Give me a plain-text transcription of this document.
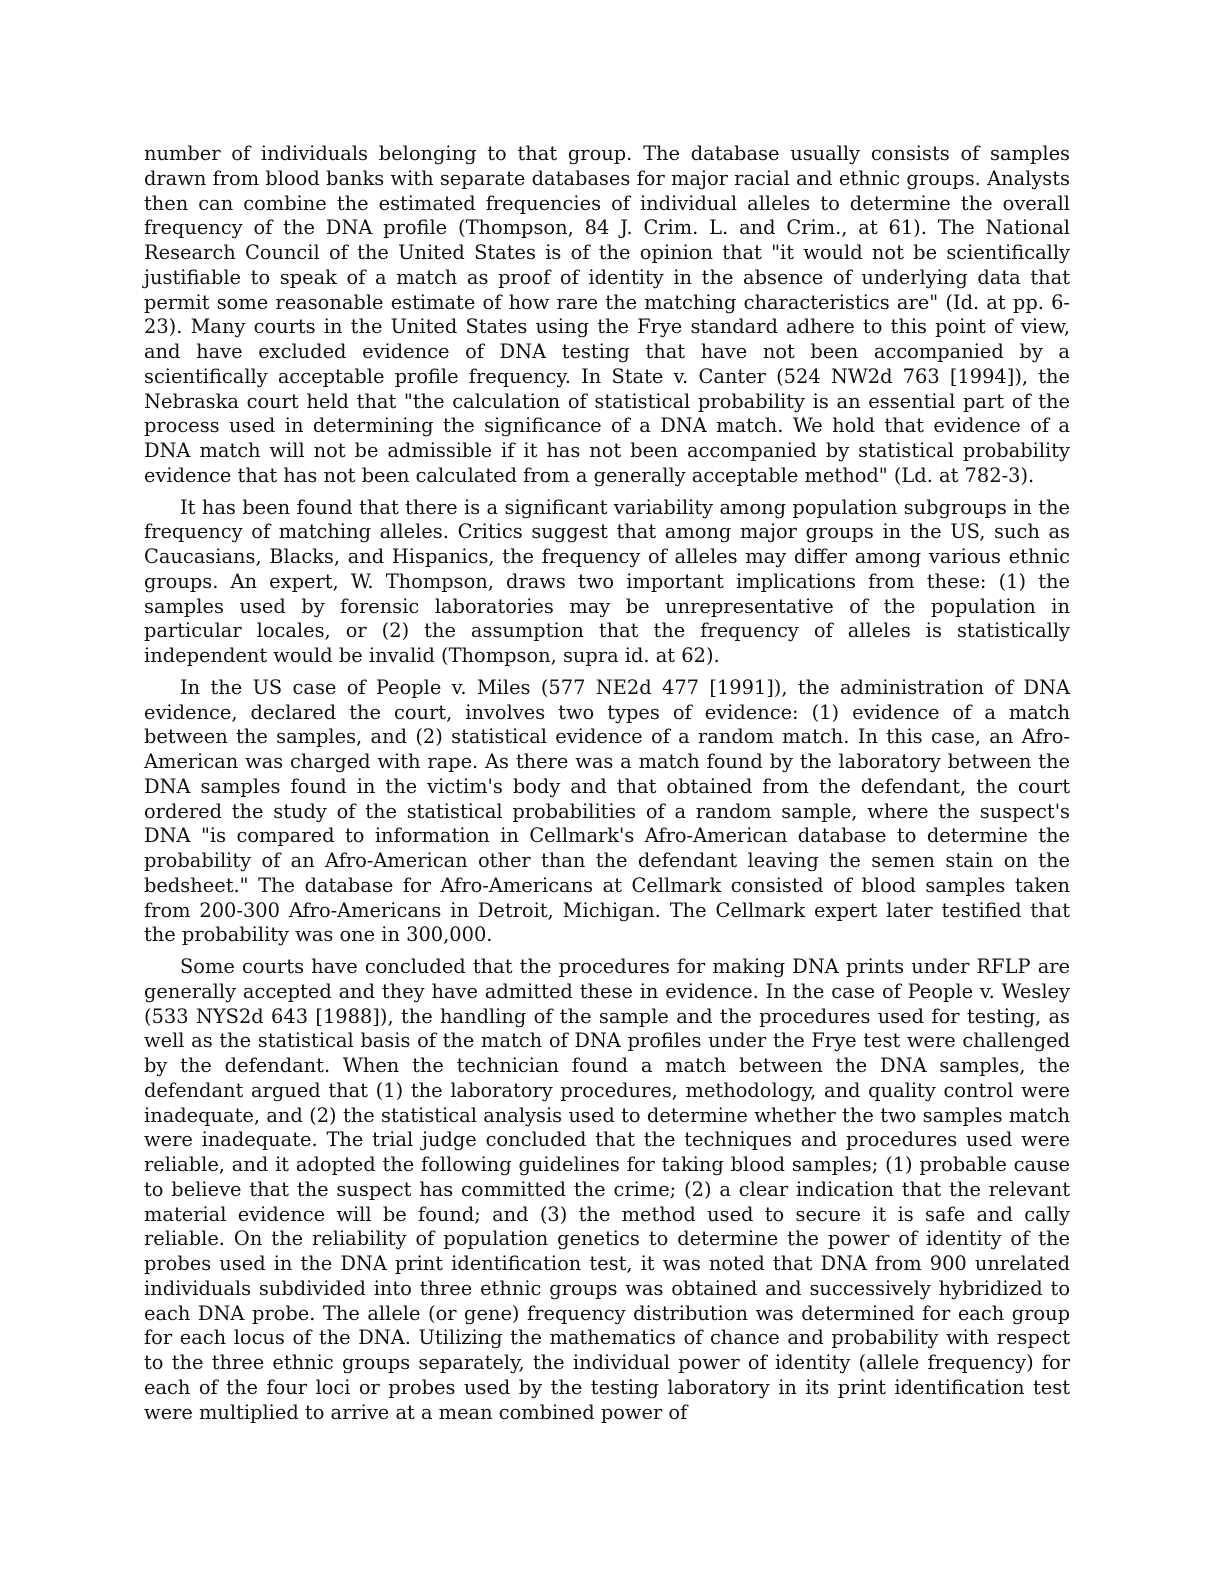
number of individuals belonging to that group. The database usually consists of samples drawn from blood banks with separate databases for major racial and ethnic groups. Analysts then can combine the estimated frequencies of individual alleles to determine the overall frequency of the DNA profile (Thompson, 84 J. Crim. L. and Crim., at 61). The National Research Council of the United States is of the opinion that "it would not be scientifically justifiable to speak of a match as proof of identity in the absence of underlying data that permit some reasonable estimate of how rare the matching characteristics are" (Id. at pp. 6-23). Many courts in the United States using the Frye standard adhere to this point of view, and have excluded evidence of DNA testing that have not been accompanied by a scientifically acceptable profile frequency. In State v. Canter (524 NW2d 763 [1994]), the Nebraska court held that "the calculation of statistical probability is an essential part of the process used in determining the significance of a DNA match. We hold that evidence of a DNA match will not be admissible if it has not been accompanied by statistical probability evidence that has not been calculated from a generally acceptable method" (Ld. at 782-3).

It has been found that there is a significant variability among population subgroups in the frequency of matching alleles. Critics suggest that among major groups in the US, such as Caucasians, Blacks, and Hispanics, the frequency of alleles may differ among various ethnic groups. An expert, W. Thompson, draws two important implications from these: (1) the samples used by forensic laboratories may be unrepresentative of the population in particular locales, or (2) the assumption that the frequency of alleles is statistically independent would be invalid (Thompson, supra id. at 62).

In the US case of People v. Miles (577 NE2d 477 [1991]), the administration of DNA evidence, declared the court, involves two types of evidence: (1) evidence of a match between the samples, and (2) statistical evidence of a random match. In this case, an Afro-American was charged with rape. As there was a match found by the laboratory between the DNA samples found in the victim's body and that obtained from the defendant, the court ordered the study of the statistical probabilities of a random sample, where the suspect's DNA "is compared to information in Cellmark's Afro-American database to determine the probability of an Afro-American other than the defendant leaving the semen stain on the bedsheet." The database for Afro-Americans at Cellmark consisted of blood samples taken from 200-300 Afro-Americans in Detroit, Michigan. The Cellmark expert later testified that the probability was one in 300,000.

Some courts have concluded that the procedures for making DNA prints under RFLP are generally accepted and they have admitted these in evidence. In the case of People v. Wesley (533 NYS2d 643 [1988]), the handling of the sample and the procedures used for testing, as well as the statistical basis of the match of DNA profiles under the Frye test were challenged by the defendant. When the technician found a match between the DNA samples, the defendant argued that (1) the laboratory procedures, methodology, and quality control were inadequate, and (2) the statistical analysis used to determine whether the two samples match were inadequate. The trial judge concluded that the techniques and procedures used were reliable, and it adopted the following guidelines for taking blood samples; (1) probable cause to believe that the suspect has committed the crime; (2) a clear indication that the relevant material evidence will be found; and (3) the method used to secure it is safe and cally reliable. On the reliability of population genetics to determine the power of identity of the probes used in the DNA print identification test, it was noted that DNA from 900 unrelated individuals subdivided into three ethnic groups was obtained and successively hybridized to each DNA probe. The allele (or gene) frequency distribution was determined for each group for each locus of the DNA. Utilizing the mathematics of chance and probability with respect to the three ethnic groups separately, the individual power of identity (allele frequency) for each of the four loci or probes used by the testing laboratory in its print identification test were multiplied to arrive at a mean combined power of
